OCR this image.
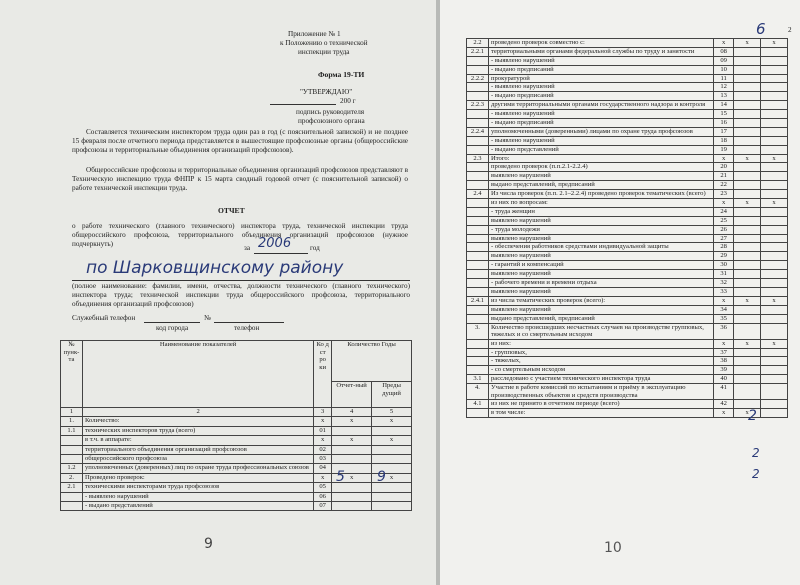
Приложение № 1
к Положению о технической
инспекции труда
Форма 19-ТИ
"УТВЕРЖДАЮ"
200 г
подпись руководителя
профсоюзного органа
Составляется техническим инспектором труда один раз в год (с пояснительной запиской) и не позднее 15 февраля после отчетного периода представляется в вышестоящие профсоюзные органы (общероссийские профсоюзы и территориальные объединения организаций профсоюзов).
Общероссийские профсоюзы и территориальные объединения организаций профсоюзов представляют в Техническую инспекцию труда ФНПР к 15 марта сводный годовой отчет (с пояснительной запиской) о работе технической инспекции труда.
ОТЧЕТ
о работе технического (главного технического) инспектора труда, технической инспекции труда общероссийского профсоюза, территориального объединения организаций профсоюзов (нужное подчеркнуть)	за 2006	год
по Шарковщинскому району
(полное наименование: фамилии, имени, отчества, должности технического (главного технического) инспектора труда; технической инспекции труда общероссийского профсоюза, территориального объединения организаций профсоюзов)
Служебный телефон	№
код города	телефон
№ пунк-та	Наименование показателей	Ко д ст ро ки	Количество Годы	
			Отчет-ный	Преды дущий
1	2	3	4	5
1.	Количество:	х	х	х
1.1	технических инспекторов труда (всего)	01		
	в т.ч. в аппарате:	х	х	х
	территориального объединения организаций профсоюзов	02		
	общероссийского профсоюза	03		
1.2	уполномоченных (доверенных) лиц по охране труда профессиональных союзов	04		
2.	Проведено проверок:	х	х	х
2.1	техническими инспекторами труда профсоюзов	05		
	- выявлено нарушений	06		
	- выдано представлений	07		
5 9
9
2
6
2.2	проведено проверок совместно с:	х	х	х
2.2.1	территориальными органами федеральной службы по труду и занятости	08		
	- выявлено нарушений	09		
	- выдано предписаний	10		
2.2.2	прокуратурой	11		
	- выявлено нарушений	12		
	- выдано предписаний	13		
2.2.3	другими территориальными органами государственного надзора и контроля	14		
	- выявлено нарушений	15		
	- выдано предписаний	16		
2.2.4	уполномоченными (доверенными) лицами по охране труда профсоюзов	17		
	- выявлено нарушений	18		
	- выдано представлений	19		
2.3	Итого:	х	х	х
	проведено проверок (п.п.2.1-2.2.4)	20		
	выявлено нарушений	21		
	выдано представлений, предписаний	22		
2.4	Из числа проверок (п.п. 2.1–2.2.4) проведено проверок тематических (всего)	23		
	из них по вопросам:	х	х	х
	- труда женщин	24		
	выявлено нарушений	25		
	- труда молодежи	26		
	выявлено нарушений	27		
	- обеспечения работников средствами индивидуальной защиты	28		
	выявлено нарушений	29		
	- гарантий и компенсаций	30		
	выявлено нарушений	31		
	- рабочего времени и времени отдыха	32		
	выявлено нарушений	33		
2.4.1	из числа тематических проверок (всего):	х	х	х
	выявлено нарушений	34		
	выдано представлений, предписаний	35		
3.	Количество происшедших несчастных случаев на производстве групповых, тяжелых и со смертельным исходом	36		
	из них:	х	х	х
	- групповых,	37		
	- тяжелых,	38		
	- со смертельным исходом	39		
3.1	расследовано с участием технического инспектора труда	40		
4.	Участие в работе комиссий по испытаниям и приёму в эксплуатацию производственных объектов и средств производства	41		
4.1	из них не принято в отчетном периоде (всего)	42		
	в том числе:	х	х	2
2
2
10
